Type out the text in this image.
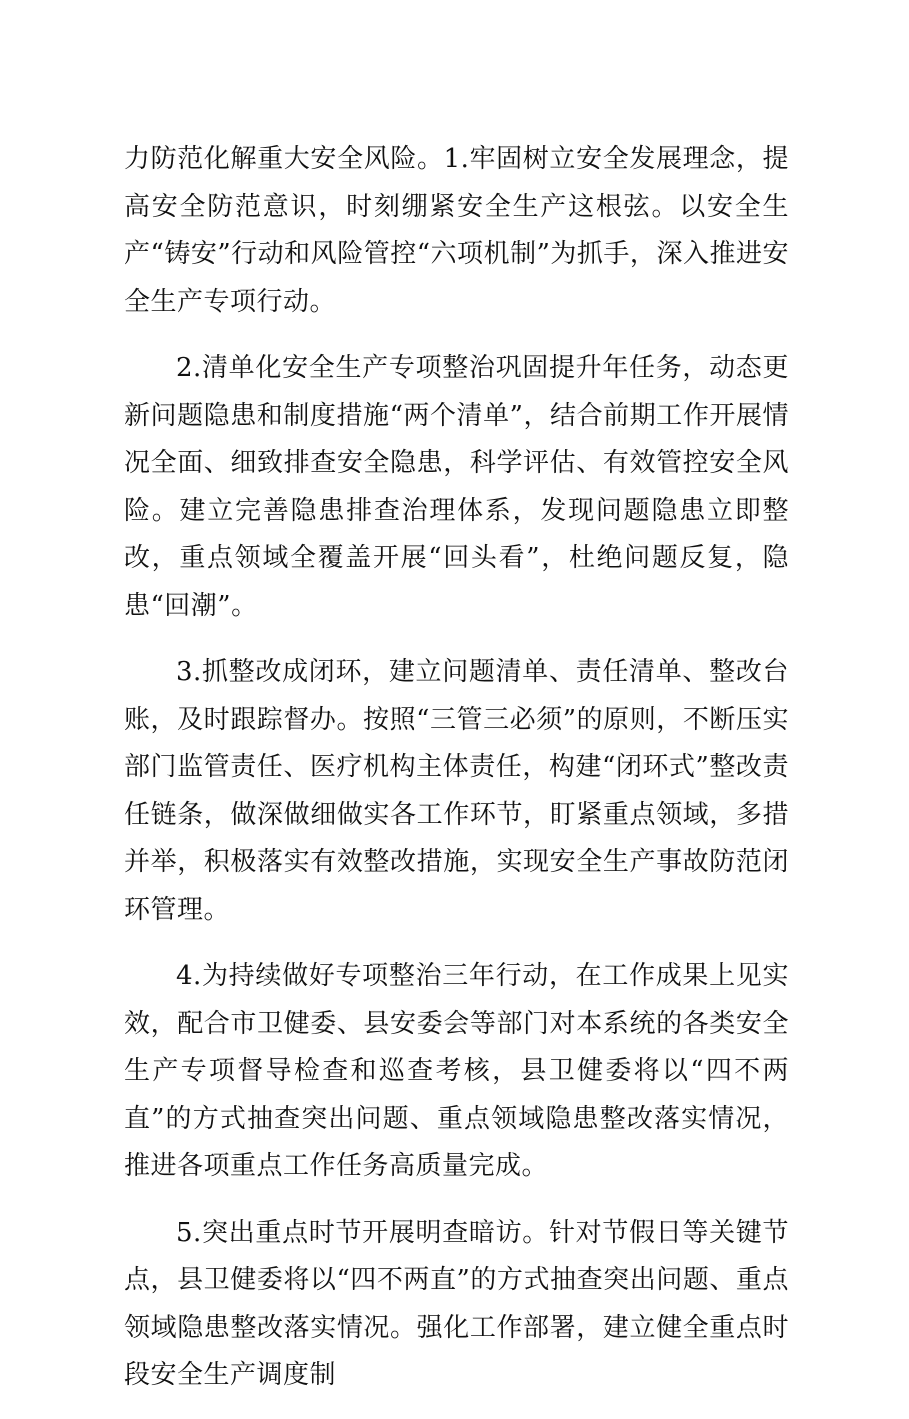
力防范化解重大安全风险。1.牢固树立安全发展理念，提高安全防范意识，时刻绷紧安全生产这根弦。以安全生产“铸安”行动和风险管控“六项机制”为抓手，深入推进安全生产专项行动。

2.清单化安全生产专项整治巩固提升年任务，动态更新问题隐患和制度措施“两个清单”，结合前期工作开展情况全面、细致排查安全隐患，科学评估、有效管控安全风险。建立完善隐患排查治理体系，发现问题隐患立即整改，重点领域全覆盖开展“回头看”，杜绝问题反复，隐患“回潮”。

3.抓整改成闭环，建立问题清单、责任清单、整改台账，及时跟踪督办。按照“三管三必须”的原则，不断压实部门监管责任、医疗机构主体责任，构建“闭环式”整改责任链条，做深做细做实各工作环节，盯紧重点领域，多措并举，积极落实有效整改措施，实现安全生产事故防范闭环管理。

4.为持续做好专项整治三年行动，在工作成果上见实效，配合市卫健委、县安委会等部门对本系统的各类安全生产专项督导检查和巡查考核，县卫健委将以“四不两直”的方式抽查突出问题、重点领域隐患整改落实情况，推进各项重点工作任务高质量完成。

5.突出重点时节开展明查暗访。针对节假日等关键节点，县卫健委将以“四不两直”的方式抽查突出问题、重点领域隐患整改落实情况。强化工作部署，建立健全重点时段安全生产调度制
